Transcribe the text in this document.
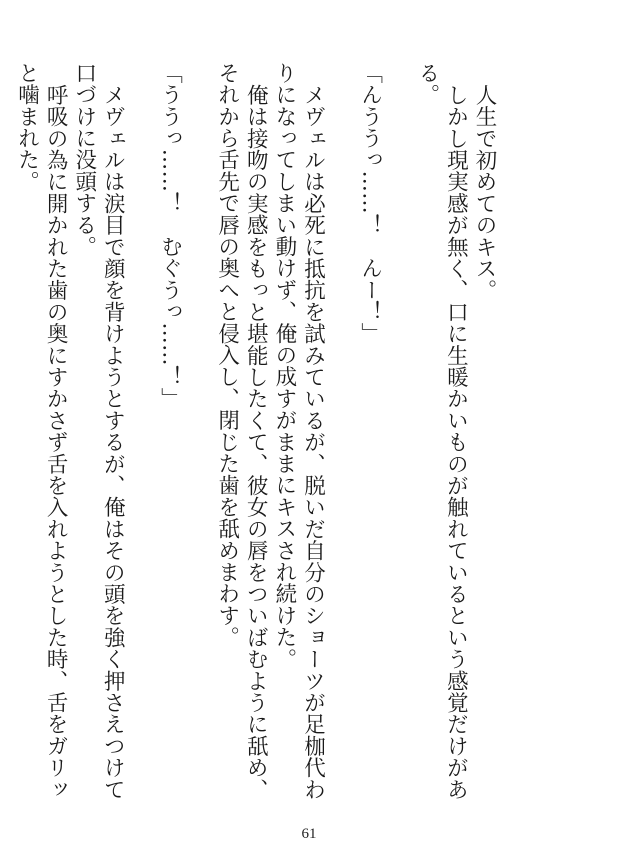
人生で初めてのキス。

しかし現実感が無く、口に生暖かいものが触れているという感覚だけがある。

「んううっ……！　んー！」

メヴェルは必死に抵抗を試みているが、脱いだ自分のショーツが足枷代わりになってしまい動けず、俺の成すがままにキスされ続けた。

俺は接吻の実感をもっと堪能したくて、彼女の唇をついばむように舐め、それから舌先で唇の奥へと侵入し、閉じた歯を舐めまわす。

「ううっ……！　むぐうっ……！」

メヴェルは涙目で顔を背けようとするが、俺はその頭を強く押さえつけて口づけに没頭する。

呼吸の為に開かれた歯の奥にすかさず舌を入れようとした時、舌をガリッと噛まれた。

61
